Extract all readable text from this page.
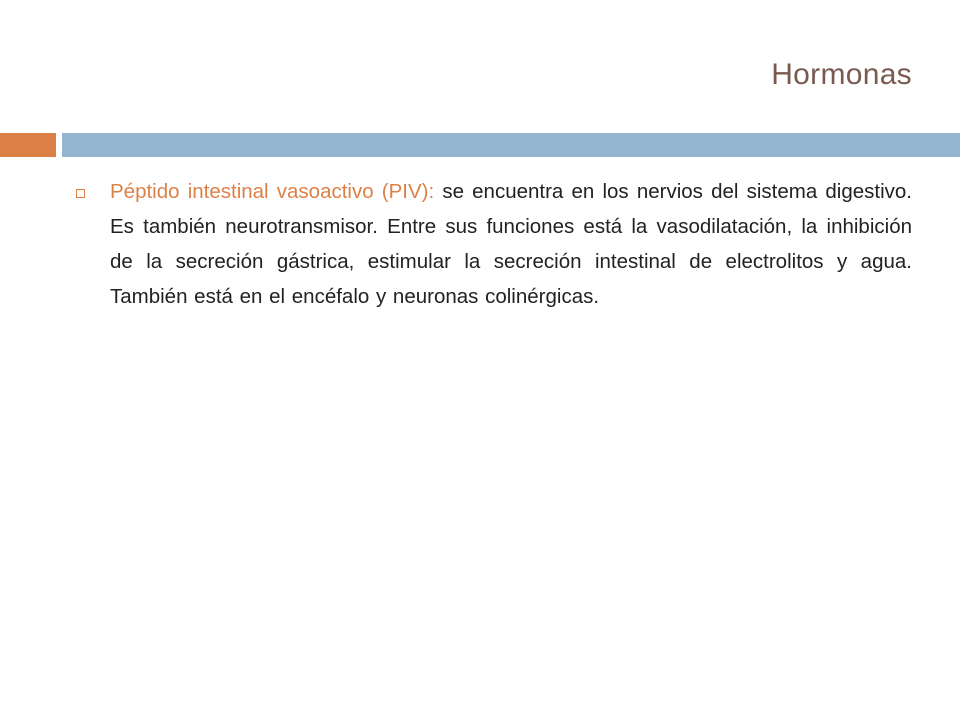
Hormonas

Péptido intestinal vasoactivo (PIV): se encuentra en los nervios del sistema digestivo. Es también neurotransmisor. Entre sus funciones está la vasodilatación, la inhibición de la secreción gástrica, estimular la secreción intestinal de electrolitos y agua. También está en el encéfalo y neuronas colinérgicas.
